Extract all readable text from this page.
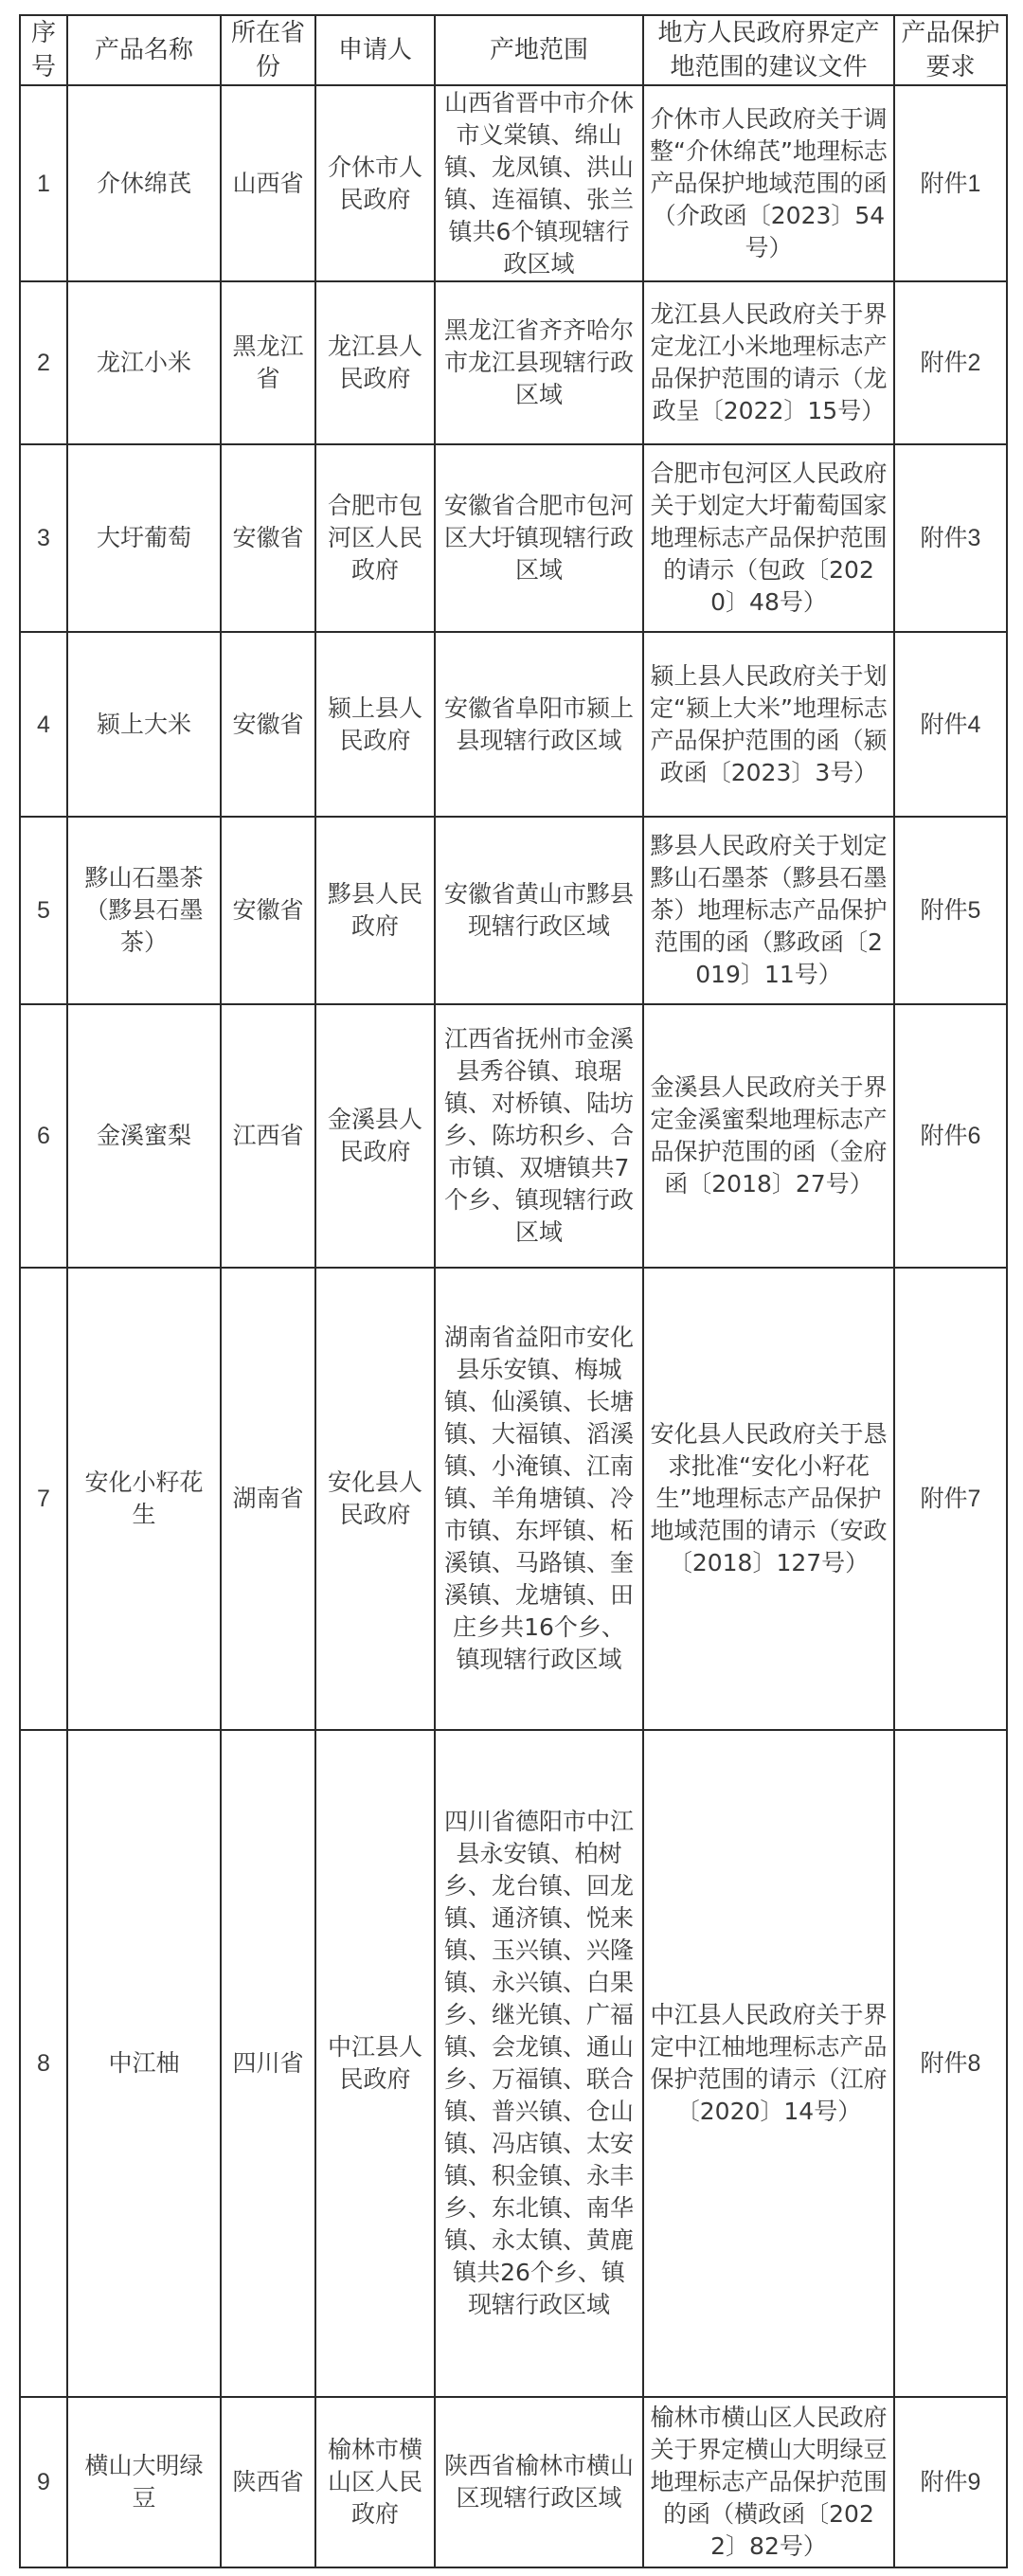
序号	产品名称	所在省份	申请人	产地范围	地方人民政府界定产地范围的建议文件	产品保护要求
1	介休绵芪	山西省	介休市人民政府	山西省晋中市介休市义棠镇、绵山镇、龙凤镇、洪山镇、连福镇、张兰镇共6个镇现辖行政区域	介休市人民政府关于调整“介休绵芪”地理标志产品保护地域范围的函（介政函〔2023〕54号）	附件1
2	龙江小米	黑龙江省	龙江县人民政府	黑龙江省齐齐哈尔市龙江县现辖行政区域	龙江县人民政府关于界定龙江小米地理标志产品保护范围的请示（龙政呈〔2022〕15号）	附件2
3	大圩葡萄	安徽省	合肥市包河区人民政府	安徽省合肥市包河区大圩镇现辖行政区域	合肥市包河区人民政府关于划定大圩葡萄国家地理标志产品保护范围的请示（包政〔2020〕48号）	附件3
4	颍上大米	安徽省	颍上县人民政府	安徽省阜阳市颍上县现辖行政区域	颍上县人民政府关于划定“颍上大米”地理标志产品保护范围的函（颍政函〔2023〕3号）	附件4
5	黟山石墨茶（黟县石墨茶）	安徽省	黟县人民政府	安徽省黄山市黟县现辖行政区域	黟县人民政府关于划定黟山石墨茶（黟县石墨茶）地理标志产品保护范围的函（黟政函〔2019〕11号）	附件5
6	金溪蜜梨	江西省	金溪县人民政府	江西省抚州市金溪县秀谷镇、琅琚镇、对桥镇、陆坊乡、陈坊积乡、合市镇、双塘镇共7个乡、镇现辖行政区域	金溪县人民政府关于界定金溪蜜梨地理标志产品保护范围的函（金府函〔2018〕27号）	附件6
7	安化小籽花生	湖南省	安化县人民政府	湖南省益阳市安化县乐安镇、梅城镇、仙溪镇、长塘镇、大福镇、滔溪镇、小淹镇、江南镇、羊角塘镇、冷市镇、东坪镇、柘溪镇、马路镇、奎溪镇、龙塘镇、田庄乡共16个乡、镇现辖行政区域	安化县人民政府关于恳求批准“安化小籽花生”地理标志产品保护地域范围的请示（安政〔2018〕127号）	附件7
8	中江柚	四川省	中江县人民政府	四川省德阳市中江县永安镇、柏树乡、龙台镇、回龙镇、通济镇、悦来镇、玉兴镇、兴隆镇、永兴镇、白果乡、继光镇、广福镇、会龙镇、通山乡、万福镇、联合镇、普兴镇、仓山镇、冯店镇、太安镇、积金镇、永丰乡、东北镇、南华镇、永太镇、黄鹿镇共26个乡、镇现辖行政区域	中江县人民政府关于界定中江柚地理标志产品保护范围的请示（江府〔2020〕14号）	附件8
9	横山大明绿豆	陕西省	榆林市横山区人民政府	陕西省榆林市横山区现辖行政区域	榆林市横山区人民政府关于界定横山大明绿豆地理标志产品保护范围的函（横政函〔2022〕82号）	附件9
